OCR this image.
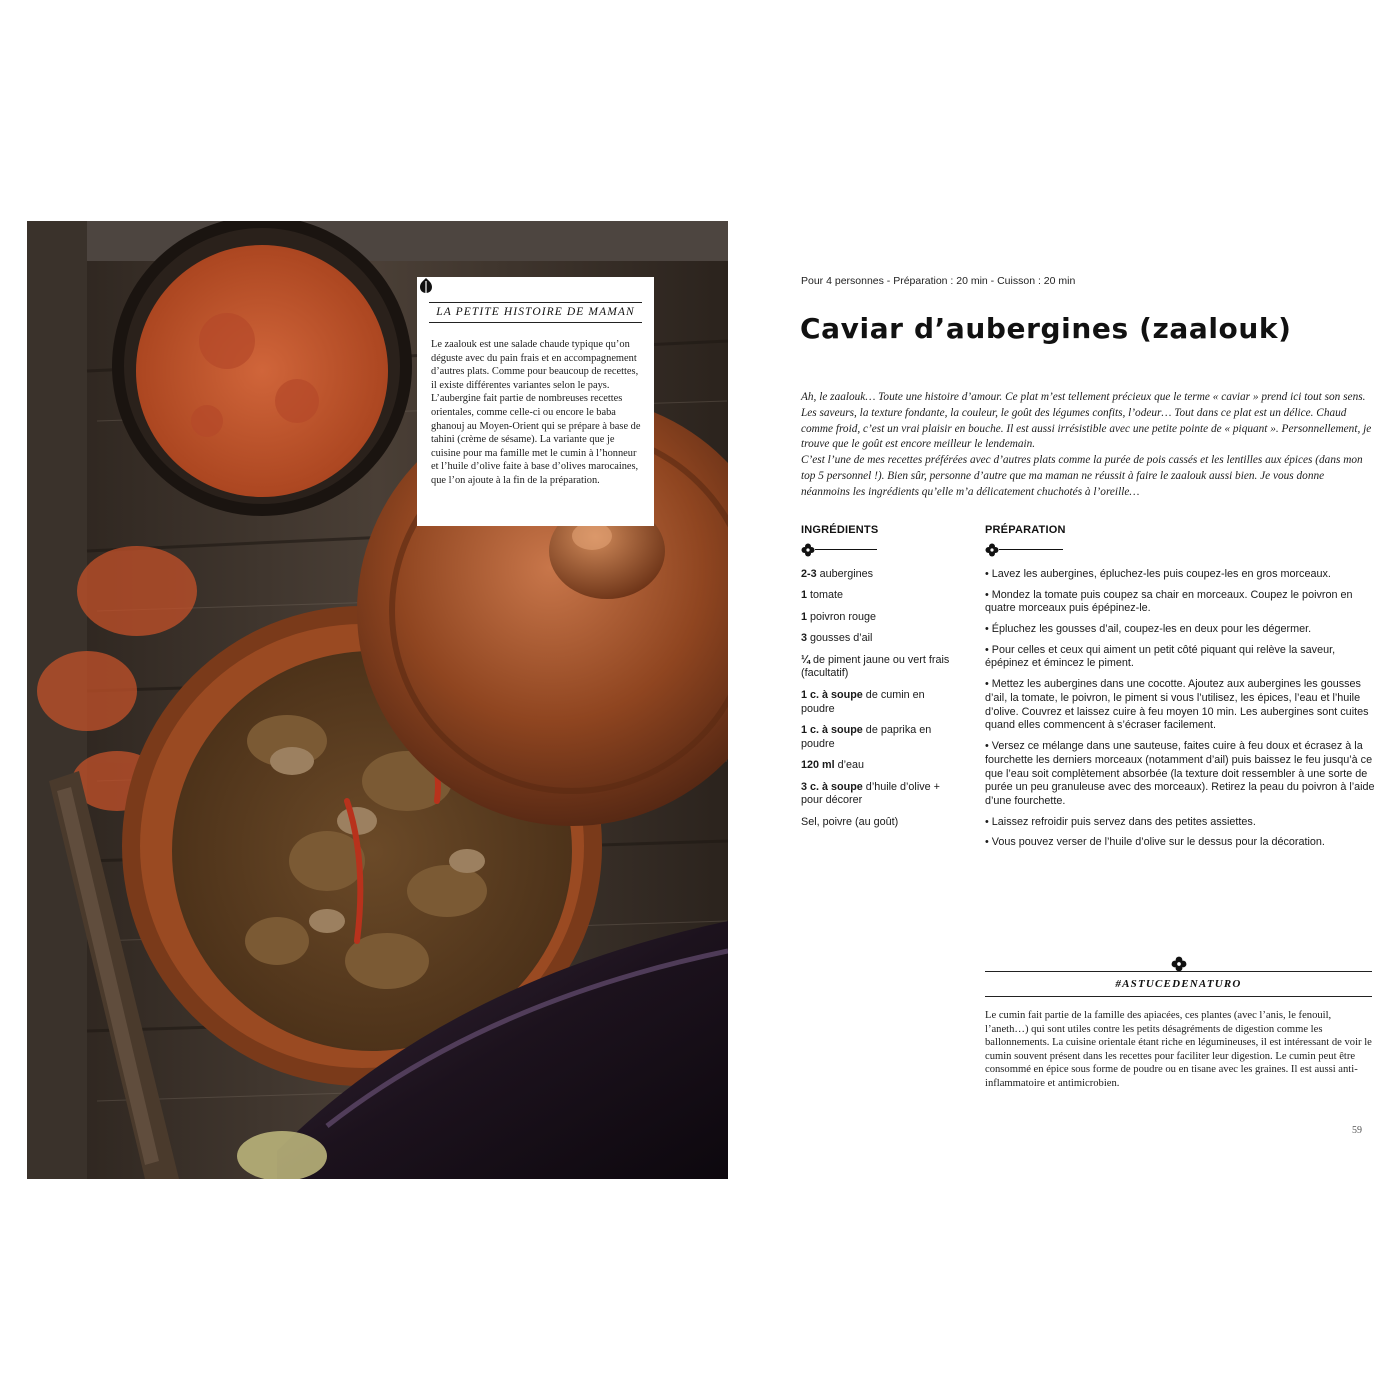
LA PETITE HISTOIRE DE MAMAN
Le zaalouk est une salade chaude typique qu’on déguste avec du pain frais et en accompagnement d’autres plats. Comme pour beaucoup de recettes, il existe différentes variantes selon le pays. L’aubergine fait partie de nombreuses recettes orientales, comme celle-ci ou encore le baba ghanouj au Moyen-Orient qui se prépare à base de tahini (crème de sésame). La variante que je cuisine pour ma famille met le cumin à l’honneur et l’huile d’olive faite à base d’olives marocaines, que l’on ajoute à la fin de la préparation.
Pour 4 personnes - Préparation : 20 min - Cuisson : 20 min
Caviar d’aubergines (zaalouk)

Ah, le zaalouk… Toute une histoire d’amour. Ce plat m’est tellement précieux que le terme « caviar » prend ici tout son sens. Les saveurs, la texture fondante, la couleur, le goût des légumes confits, l’odeur… Tout dans ce plat est un délice. Chaud comme froid, c’est un vrai plaisir en bouche. Il est aussi irrésistible avec une petite pointe de « piquant ». Personnellement, je trouve que le goût est encore meilleur le lendemain.

C’est l’une de mes recettes préférées avec d’autres plats comme la purée de pois cassés et les lentilles aux épices (dans mon top 5 personnel !). Bien sûr, personne d’autre que ma maman ne réussit à faire le zaalouk aussi bien. Je vous donne néanmoins les ingrédients qu’elle m’a délicatement chuchotés à l’oreille…

INGRÉDIENTS	PRÉPARATION
2-3 aubergines
1 tomate
1 poivron rouge
3 gousses d’ail
¼ de piment jaune ou vert frais (facultatif)
1 c. à soupe de cumin en poudre
1 c. à soupe de paprika en poudre
120 ml d’eau
3 c. à soupe d’huile d’olive + pour décorer
Sel, poivre (au goût)
• Lavez les aubergines, épluchez-les puis coupez-les en gros morceaux.
• Mondez la tomate puis coupez sa chair en morceaux. Coupez le poivron en quatre morceaux puis épépinez-le.
• Épluchez les gousses d’ail, coupez-les en deux pour les dégermer.
• Pour celles et ceux qui aiment un petit côté piquant qui relève la saveur, épépinez et émincez le piment.
• Mettez les aubergines dans une cocotte. Ajoutez aux aubergines les gousses d’ail, la tomate, le poivron, le piment si vous l’utilisez, les épices, l’eau et l’huile d’olive. Couvrez et laissez cuire à feu moyen 10 min. Les aubergines sont cuites quand elles commencent à s’écraser facilement.
• Versez ce mélange dans une sauteuse, faites cuire à feu doux et écrasez à la fourchette les derniers morceaux (notamment d’ail) puis baissez le feu jusqu’à ce que l’eau soit complètement absorbée (la texture doit ressembler à une sorte de purée un peu granuleuse avec des morceaux). Retirez la peau du poivron à l’aide d’une fourchette.
• Laissez refroidir puis servez dans des petites assiettes.
• Vous pouvez verser de l’huile d’olive sur le dessus pour la décoration.
#ASTUCEDENATURO
Le cumin fait partie de la famille des apiacées, ces plantes (avec l’anis, le fenouil, l’aneth…) qui sont utiles contre les petits désagréments de digestion comme les ballonnements. La cuisine orientale étant riche en légumineuses, il est intéressant de voir le cumin souvent présent dans les recettes pour faciliter leur digestion. Le cumin peut être consommé en épice sous forme de poudre ou en tisane avec les graines. Il est aussi anti-inflammatoire et antimicrobien.
59
